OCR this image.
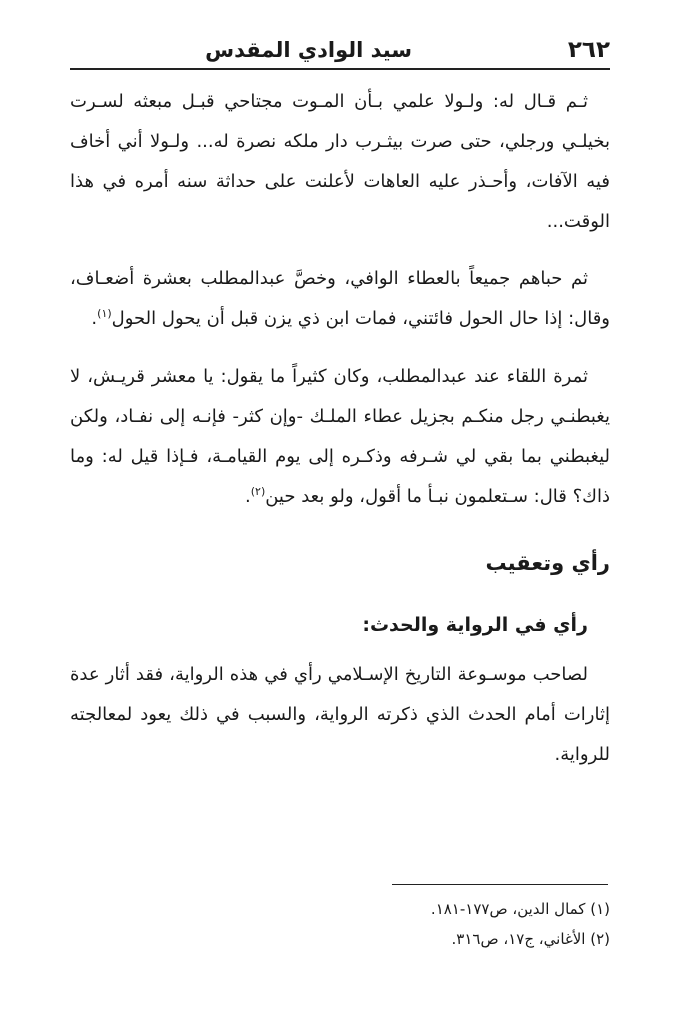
٢٦٢
سيد الوادي المقدس

ثـم قـال له: ولـولا علمي بـأن المـوت مجتاحي قبـل مبعثه لسـرت بخيلـي ورجلي، حتى صرت بيثـرب دار ملكه نصرة له... ولـولا أني أخاف فيه الآفات، وأحـذر عليه العاهات لأعلنت على حداثة سنه أمره في هذا الوقت...

ثم حباهم جميعاً بالعطاء الوافي، وخصَّ عبدالمطلب بعشرة أضعـاف، وقال: إذا حال الحول فائتني، فمات ابن ذي يزن قبل أن يحول الحول$^{(١)}$.

ثمرة اللقاء عند عبدالمطلب، وكان كثيراً ما يقول: يا معشر قريـش، لا يغبطنـي رجل منكـم بجزيل عطاء الملـك -وإن كثر- فإنـه إلى نفـاد، ولكن ليغبطني بما بقي لي شـرفه وذكـره إلى يوم القيامـة، فـإذا قيل له: وما ذاك؟ قال: سـتعلمون نبـأ ما أقول، ولو بعد حين$^{(٢)}$.

رأي وتعقيب
رأي في الرواية والحدث:

لصاحب موسـوعة التاريخ الإسـلامي رأي في هذه الرواية، فقد أثار عدة إثارات أمام الحدث الذي ذكرته الرواية، والسبب في ذلك يعود لمعالجته للرواية.

(١) كمال الدين، ص١٧٧-١٨١.

(٢) الأغاني، ج١٧، ص٣١٦.
